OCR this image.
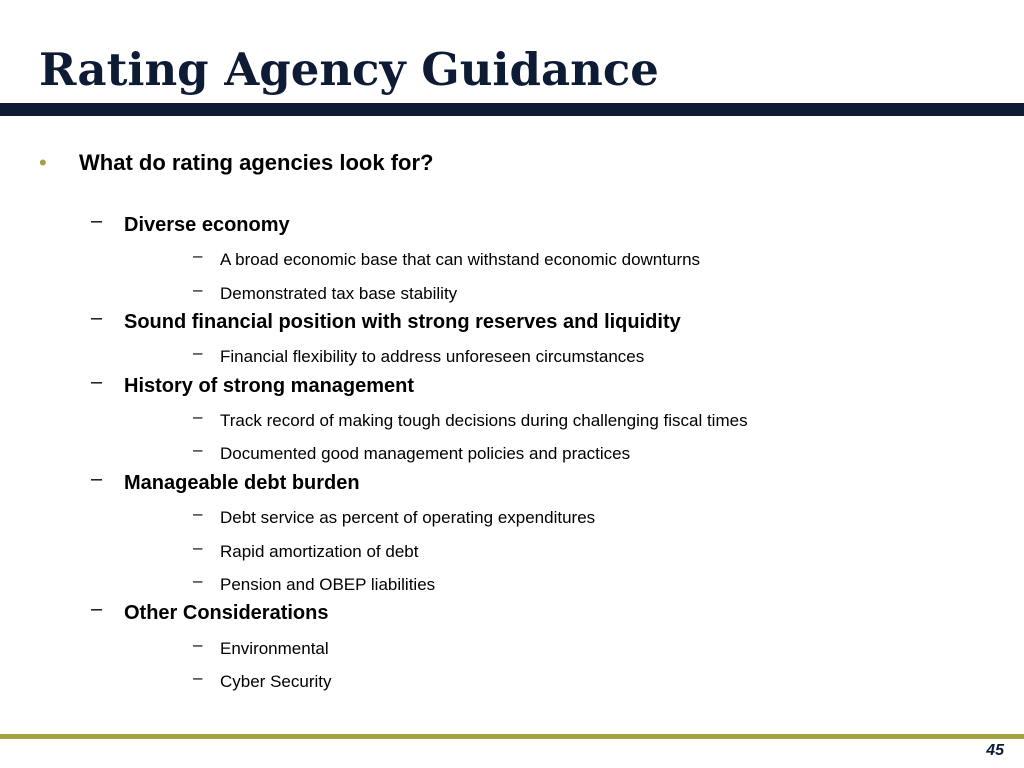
Rating Agency Guidance
• What do rating agencies look for?
– Diverse economy
– A broad economic base that can withstand economic downturns
– Demonstrated tax base stability
– Sound financial position with strong reserves and liquidity
– Financial flexibility to address unforeseen circumstances
– History of strong management
– Track record of making tough decisions during challenging fiscal times
– Documented good management policies and practices
– Manageable debt burden
– Debt service as percent of operating expenditures
– Rapid amortization of debt
– Pension and OBEP liabilities
– Other Considerations
– Environmental
– Cyber Security
45
